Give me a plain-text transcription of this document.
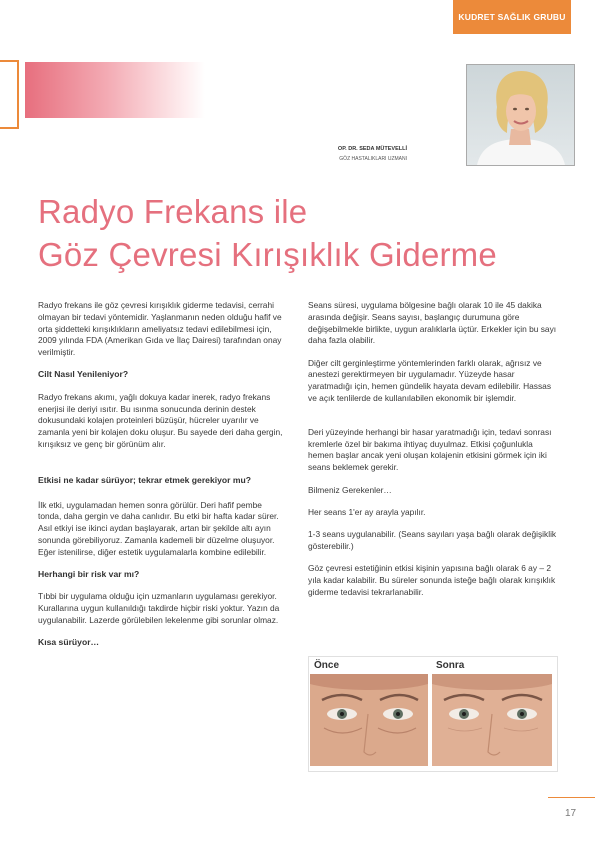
KUDRET SAĞLIK GRUBU
OP. DR. SEDA MÜTEVELLİ
GÖZ HASTALIKLARI UZMANI
Radyo Frekans ile
Göz Çevresi Kırışıklık Giderme

Radyo frekans ile göz çevresi kırışıklık giderme tedavisi, cerrahi olmayan bir tedavi yöntemidir. Yaşlanmanın neden olduğu hafif ve orta şiddetteki kırışıklıkların ameliyatsız tedavi edilebilmesi için, 2009 yılında FDA (Amerikan Gıda ve İlaç Dairesi) tarafından onay verilmiştir.

Cilt Nasıl Yenileniyor?

Radyo frekans akımı, yağlı dokuya kadar inerek, radyo frekans enerjisi ile deriyi ısıtır. Bu ısınma sonucunda derinin destek dokusundaki kolajen proteinleri büzüşür, hücreler uyarılır ve zamanla yeni bir kolajen doku oluşur. Bu sayede deri daha gergin, kırışıksız ve genç bir görünüm alır.

Etkisi ne kadar sürüyor; tekrar etmek gerekiyor mu?

İlk etki, uygulamadan hemen sonra görülür. Deri hafif pembe tonda, daha gergin ve daha canlıdır. Bu etki bir hafta kadar sürer. Asıl etkiyi ise ikinci aydan başlayarak, artan bir şekilde altı ayın sonunda görebiliyoruz. Zamanla kademeli bir düzelme oluşuyor. Eğer istenilirse, diğer estetik uygulamalarla kombine edilebilir.

Herhangi bir risk var mı?

Tıbbi bir uygulama olduğu için uzmanların uygulaması gerekiyor. Kurallarına uygun kullanıldığı takdirde hiçbir riski yoktur. Yazın da uygulanabilir. Lazerde görülebilen lekelenme gibi sorunlar olmaz.

Kısa sürüyor…

Seans süresi, uygulama bölgesine bağlı olarak 10 ile 45 dakika arasında değişir. Seans sayısı, başlangıç durumuna göre değişebilmekle birlikte, uygun aralıklarla üçtür. Erkekler için bu sayı daha fazla olabilir.

Diğer cilt gerginleştirme yöntemlerinden farklı olarak, ağrısız ve anestezi gerektirmeyen bir uygulamadır. Yüzeyde hasar yaratmadığı için, hemen gündelik hayata devam edilebilir. Hassas ve açık tenlilerde de kullanılabilen ekonomik bir işlemdir.

Deri yüzeyinde herhangi bir hasar yaratmadığı için, tedavi sonrası kremlerle özel bir bakıma ihtiyaç duyulmaz. Etkisi çoğunlukla hemen başlar ancak yeni oluşan kolajenin etkisini görmek için iki seans beklemek gerekir.

Bilmeniz Gerekenler…

Her seans 1'er ay arayla yapılır.

1-3 seans uygulanabilir. (Seans sayıları yaşa bağlı olarak değişiklik gösterebilir.)

Göz çevresi estetiğinin etkisi kişinin yapısına bağlı olarak 6 ay – 2 yıla kadar kalabilir. Bu süreler sonunda isteğe bağlı olarak kırışıklık giderme tedavisi tekrarlanabilir.

Önce	Sonra
17
